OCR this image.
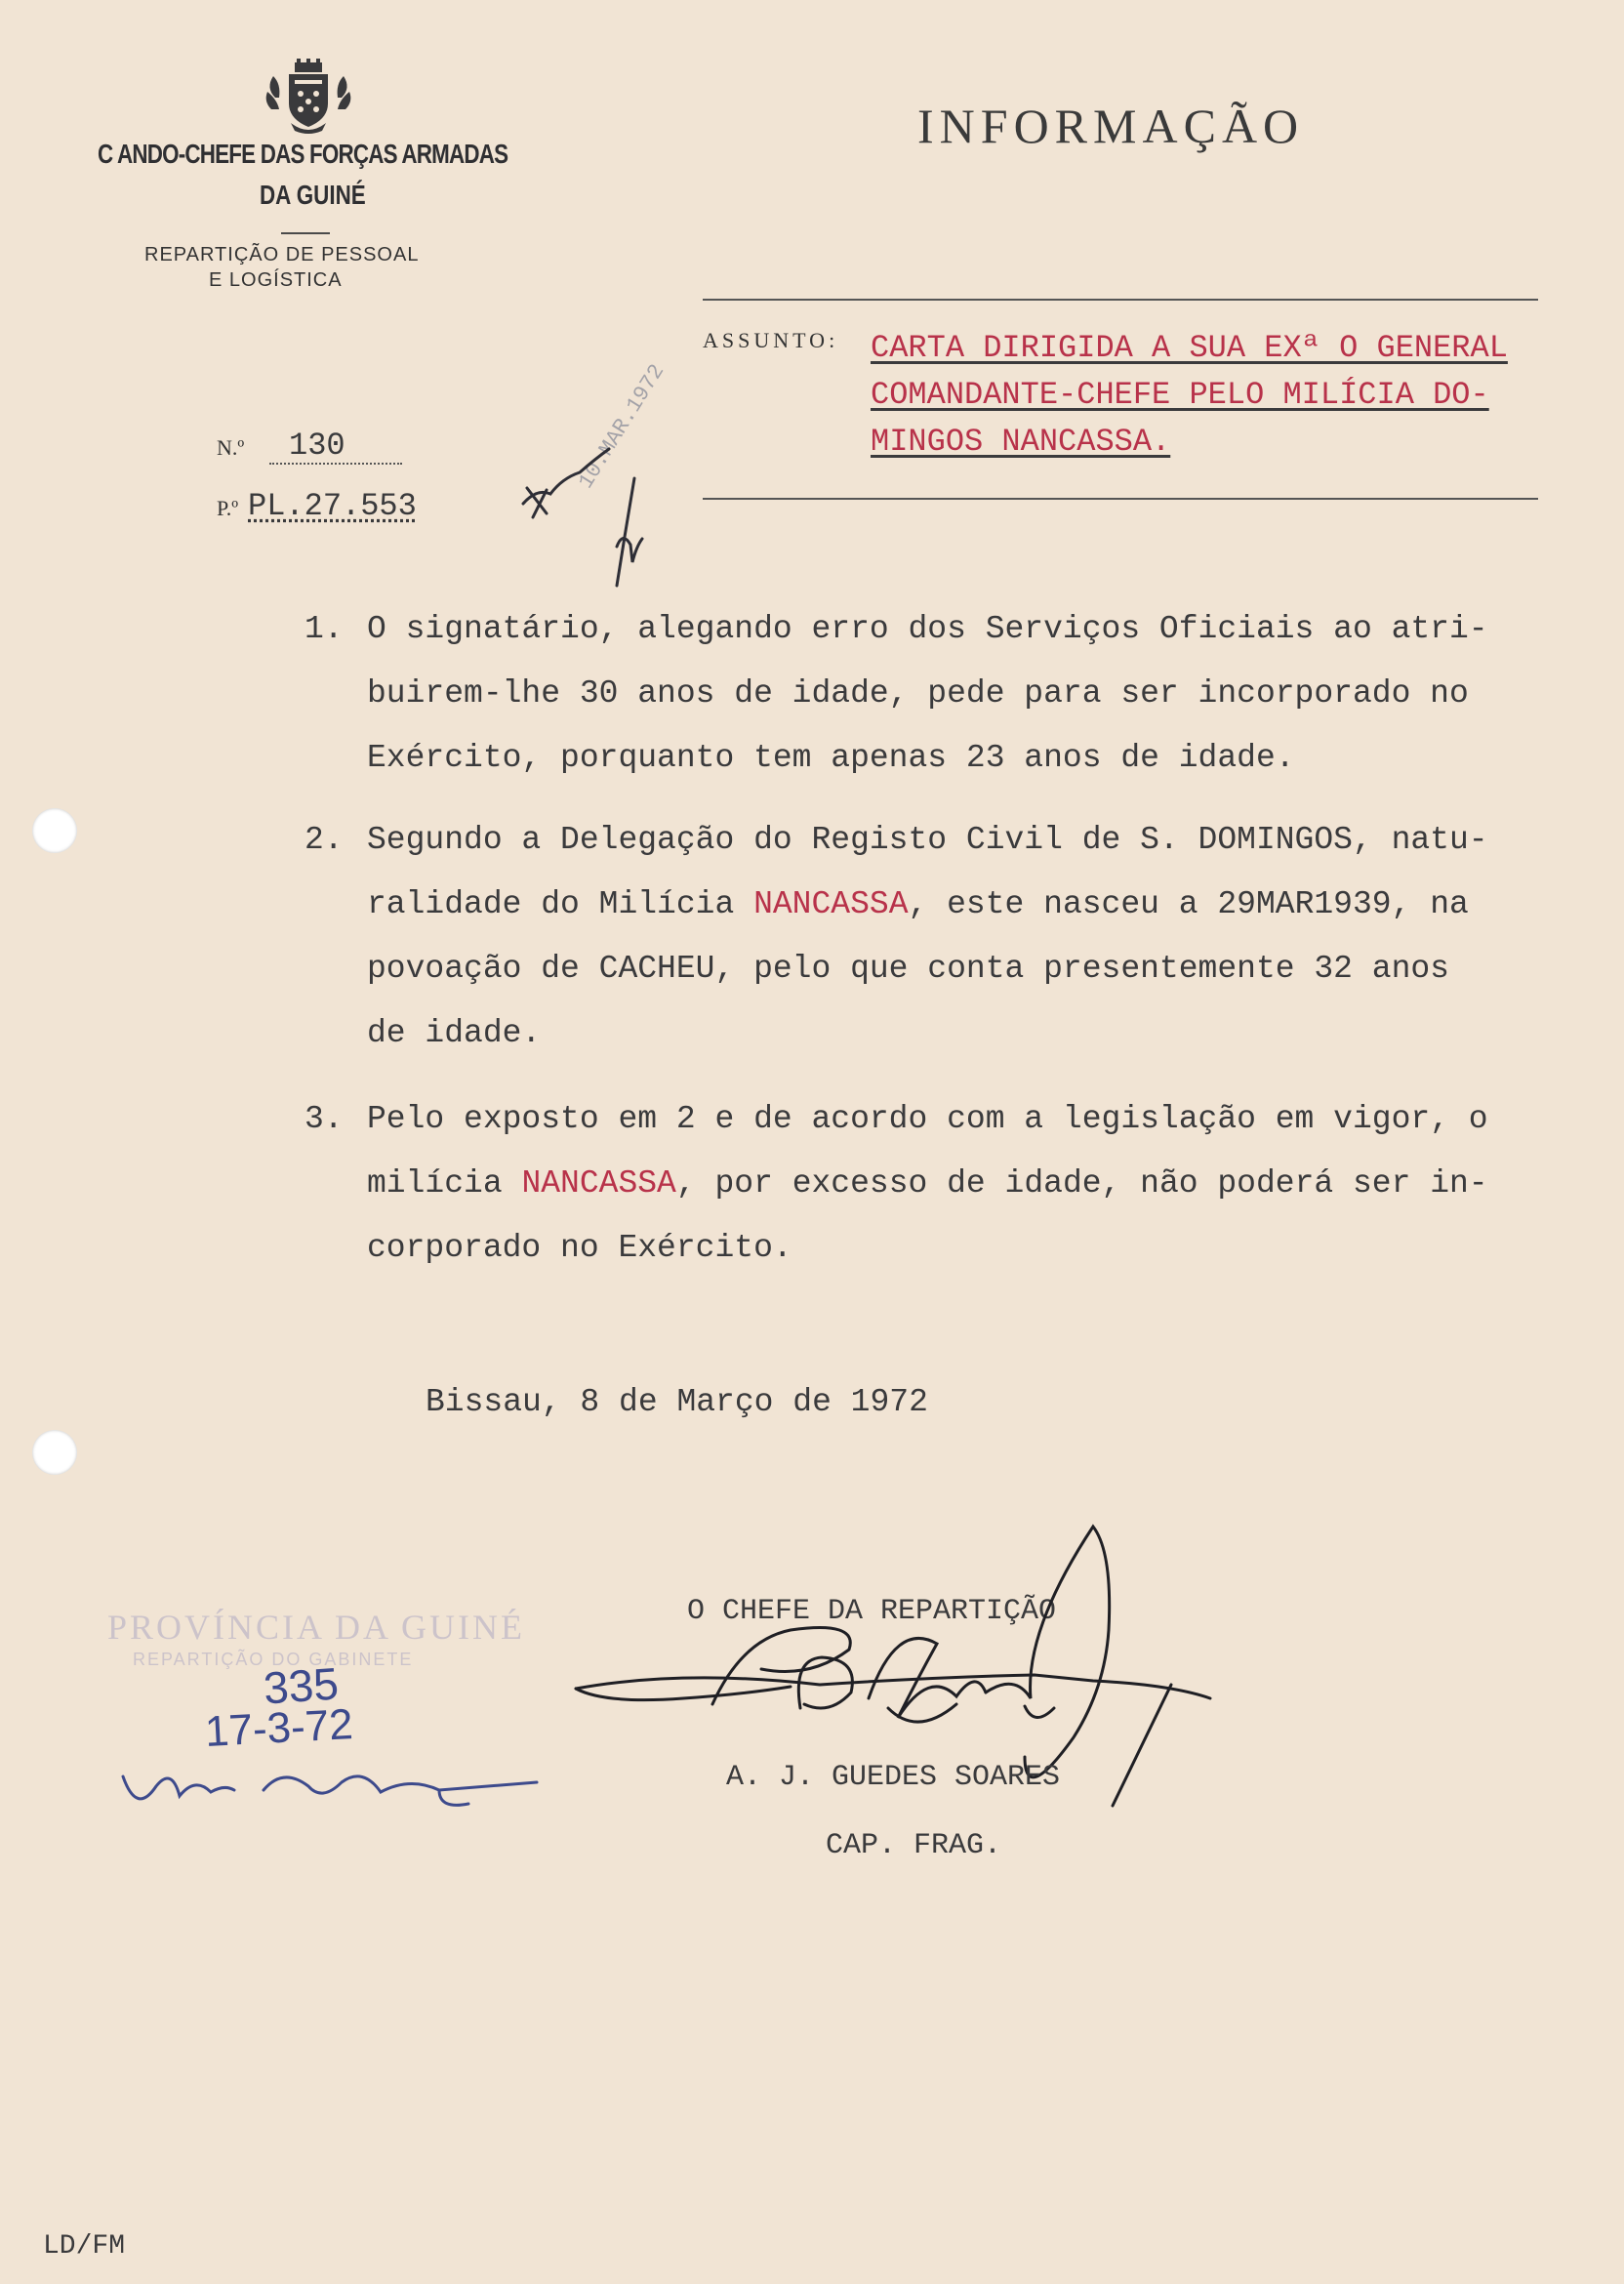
C ANDO-CHEFE DAS FORÇAS ARMADAS
DA GUINÉ
REPARTIÇÃO DE PESSOAL
E LOGÍSTICA
INFORMAÇÃO
ASSUNTO: CARTA DIRIGIDA A SUA EXª O GENERAL
COMANDANTE-CHEFE PELO MILÍCIA DO-
MINGOS NANCASSA.
N.º 130
P.º PL.27.553
10.MAR.1972
1. O signatário, alegando erro dos Serviços Oficiais ao atri-
buirem-lhe 30 anos de idade, pede para ser incorporado no
Exército, porquanto tem apenas 23 anos de idade.
2. Segundo a Delegação do Registo Civil de S. DOMINGOS, natu-
ralidade do Milícia NANCASSA, este nasceu a 29MAR1939, na
povoação de CACHEU, pelo que conta presentemente 32 anos
de idade.
3. Pelo exposto em 2 e de acordo com a legislação em vigor, o
milícia NANCASSA, por excesso de idade, não poderá ser in-
corporado no Exército.
Bissau, 8 de Março de 1972
O CHEFE DA REPARTIÇÃO
A. J. GUEDES SOARES
CAP. FRAG.
PROVÍNCIA DA GUINÉ
REPARTIÇÃO DO GABINETE
335
17-3-72
LD/FM
